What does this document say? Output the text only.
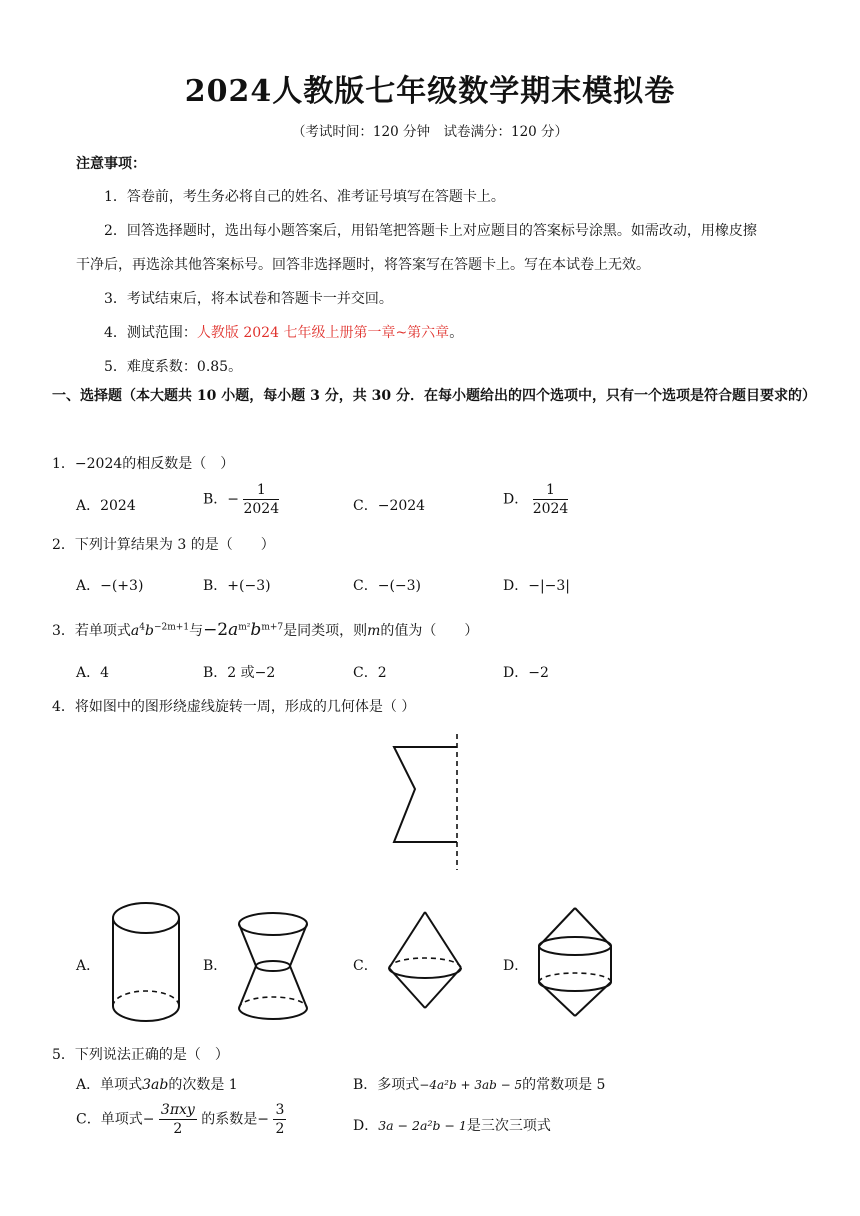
2024人教版七年级数学期末模拟卷
（考试时间：120 分钟　试卷满分：120 分）
注意事项：
1．答卷前，考生务必将自己的姓名、准考证号填写在答题卡上。
2．回答选择题时，选出每小题答案后，用铅笔把答题卡上对应题目的答案标号涂黑。如需改动，用橡皮擦
干净后，再选涂其他答案标号。回答非选择题时，将答案写在答题卡上。写在本试卷上无效。
3．考试结束后，将本试卷和答题卡一并交回。
4．测试范围：人教版 2024 七年级上册第一章~第六章。
5．难度系数：0.85。
一、选择题（本大题共 10 小题，每小题 3 分，共 30 分．在每小题给出的四个选项中，只有一个选项是符合题目要求的）
1．−2024的相反数是（　）
A．2024	B．− $\frac{1}{2024}$	C．−2024	D． $\frac{1}{2024}$
2．下列计算结果为 3 的是（　　）
A．−(+3)	B．+(−3)	C．−(−3)	D．−|−3|
3．若单项式$a^4b^{-2m+1}$与$-2a^{m^2}b^{m+7}$是同类项，则m的值为（　　）
A．4	B．2 或−2	C．2	D．−2
4．将如图中的图形绕虚线旋转一周，形成的几何体是（ ）
A．	B．	C．	D．
5．下列说法正确的是（　）
A．单项式3ab的次数是 1	B．多项式−4a²b + 3ab − 5的常数项是 5
C．单项式− $\frac{\text{3πxy}}{2}$ 的系数是− $\frac{3}{2}$	D．3a − 2a²b − 1是三次三项式
